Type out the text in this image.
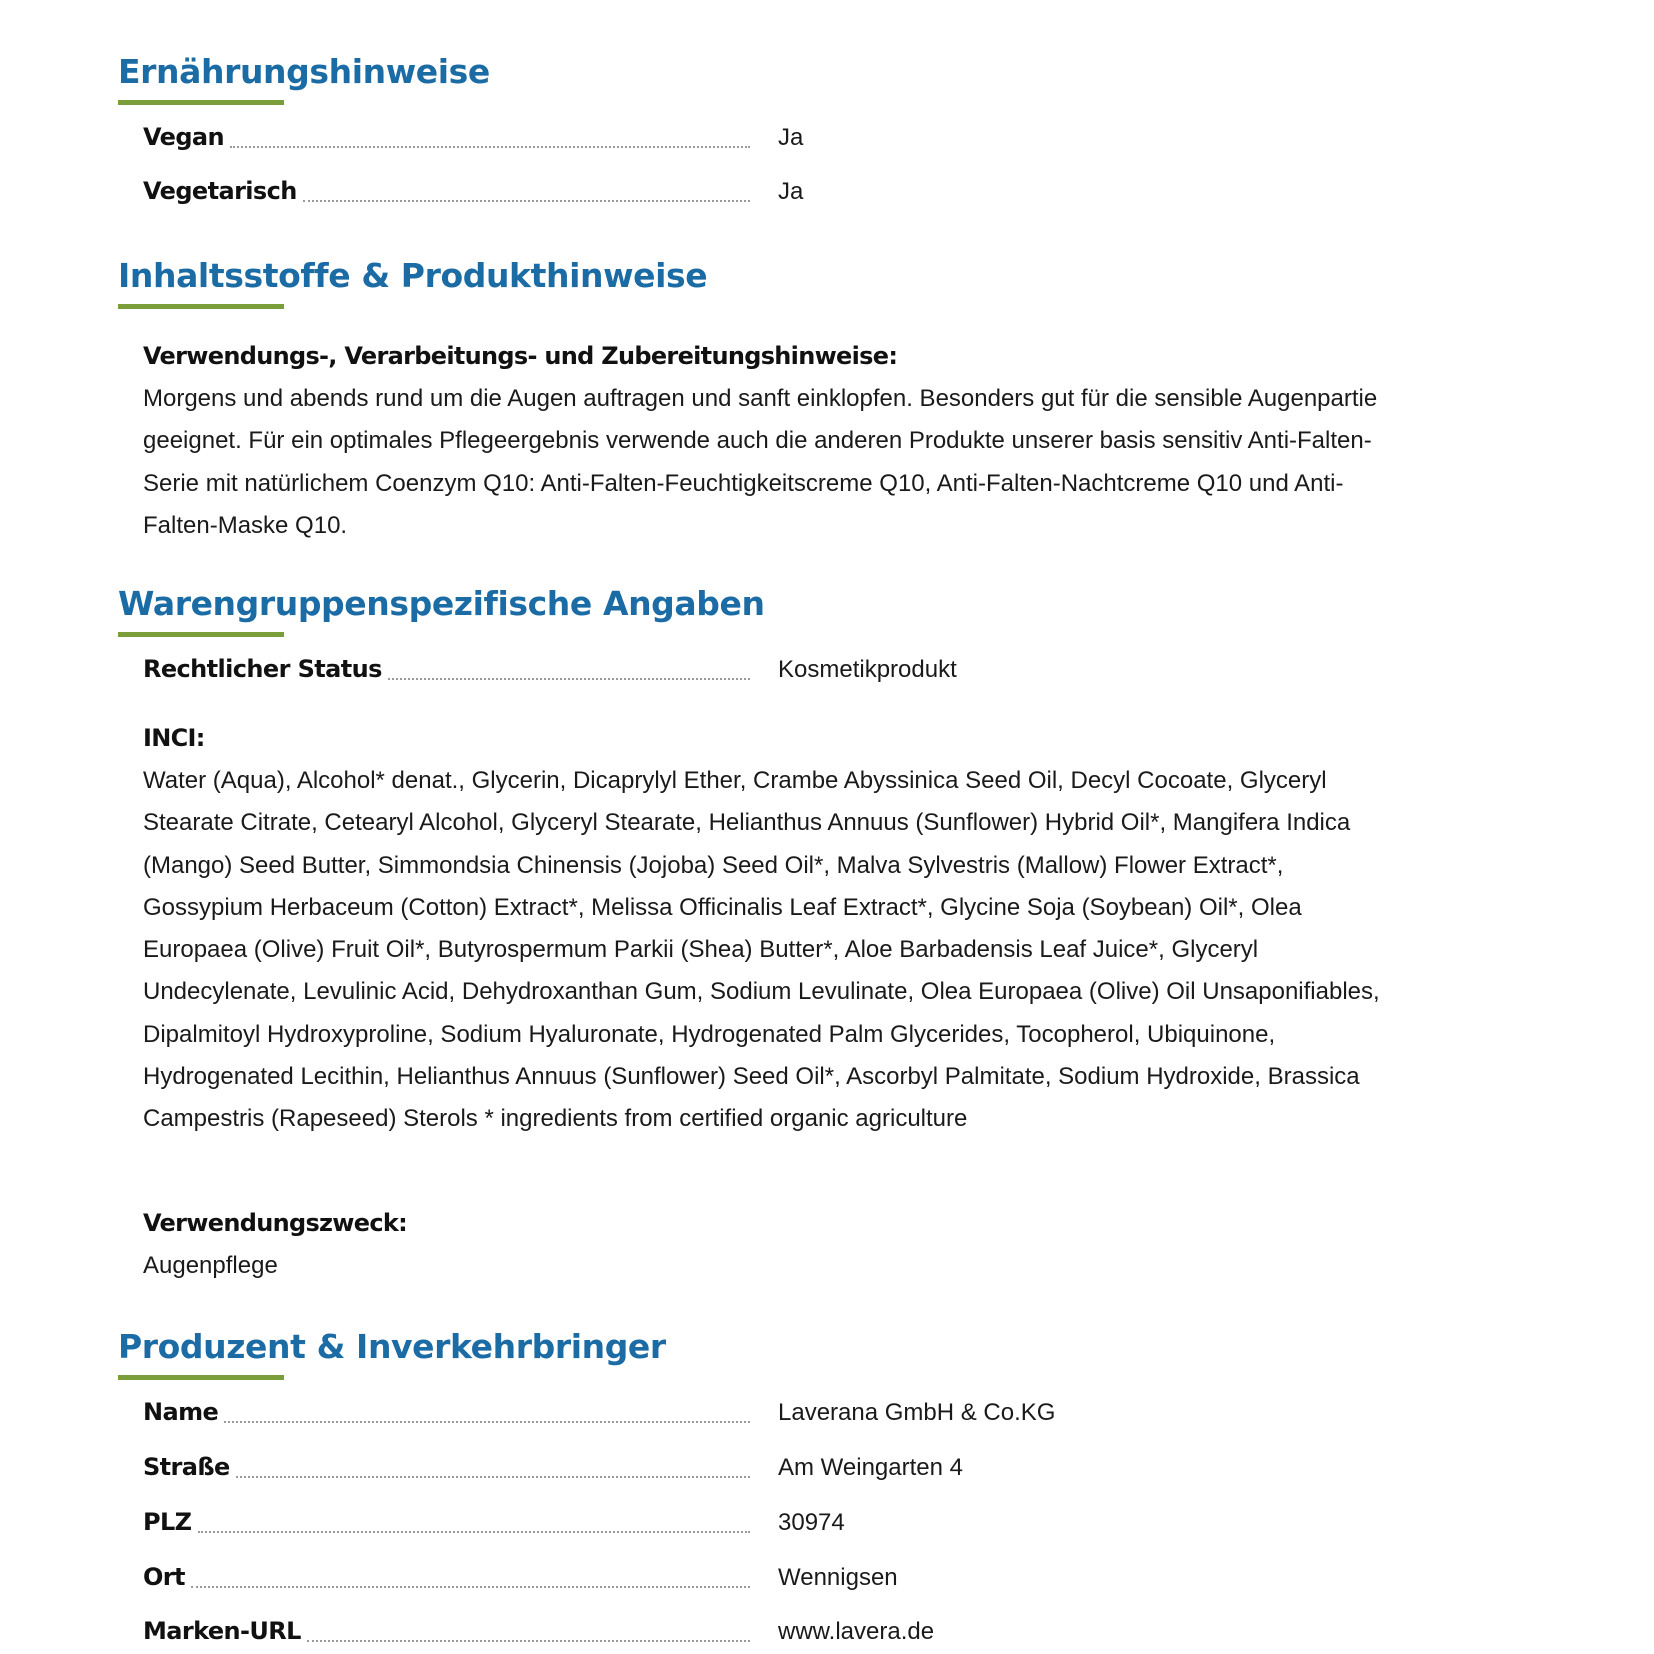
Ernährungshinweise
Vegan	Ja
Vegetarisch	Ja
Inhaltsstoffe & Produkthinweise
Verwendungs-, Verarbeitungs- und Zubereitungshinweise:

Morgens und abends rund um die Augen auftragen und sanft einklopfen. Besonders gut für die sensible Augenpartie geeignet. Für ein optimales Pflegeergebnis verwende auch die anderen Produkte unserer basis sensitiv Anti-Falten-Serie mit natürlichem Coenzym Q10: Anti-Falten-Feuchtigkeitscreme Q10, Anti-Falten-Nachtcreme Q10 und Anti-Falten-Maske Q10.

Warengruppenspezifische Angaben
Rechtlicher Status	Kosmetikprodukt
INCI:

Water (Aqua), Alcohol* denat., Glycerin, Dicaprylyl Ether, Crambe Abyssinica Seed Oil, Decyl Cocoate, Glyceryl Stearate Citrate, Cetearyl Alcohol, Glyceryl Stearate, Helianthus Annuus (Sunflower) Hybrid Oil*, Mangifera Indica (Mango) Seed Butter, Simmondsia Chinensis (Jojoba) Seed Oil*, Malva Sylvestris (Mallow) Flower Extract*, Gossypium Herbaceum (Cotton) Extract*, Melissa Officinalis Leaf Extract*, Glycine Soja (Soybean) Oil*, Olea Europaea (Olive) Fruit Oil*, Butyrospermum Parkii (Shea) Butter*, Aloe Barbadensis Leaf Juice*, Glyceryl Undecylenate, Levulinic Acid, Dehydroxanthan Gum, Sodium Levulinate, Olea Europaea (Olive) Oil Unsaponifiables, Dipalmitoyl Hydroxyproline, Sodium Hyaluronate, Hydrogenated Palm Glycerides, Tocopherol, Ubiquinone, Hydrogenated Lecithin, Helianthus Annuus (Sunflower) Seed Oil*, Ascorbyl Palmitate, Sodium Hydroxide, Brassica Campestris (Rapeseed) Sterols * ingredients from certified organic agriculture

Verwendungszweck:

Augenpflege

Produzent & Inverkehrbringer
Name	Laverana GmbH & Co.KG
Straße	Am Weingarten 4
PLZ	30974
Ort	Wennigsen
Marken-URL	www.lavera.de
